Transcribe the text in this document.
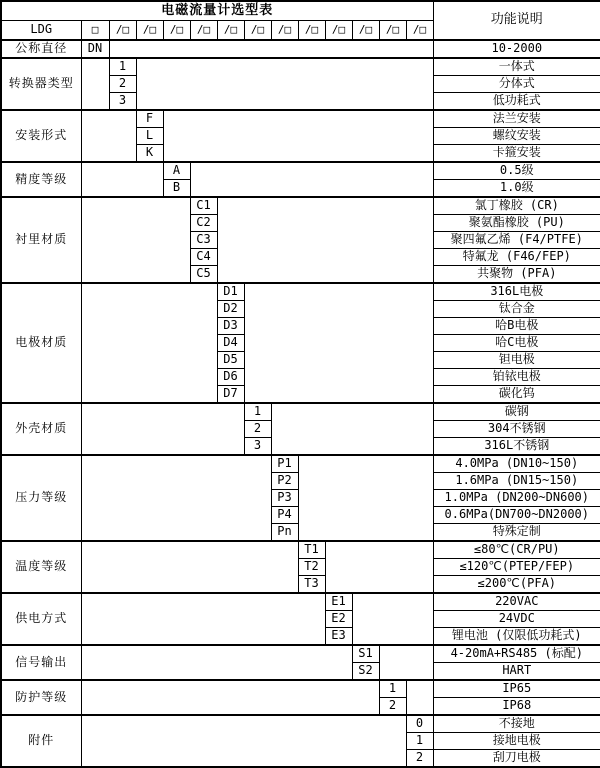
电磁流量计选型表														功能说明
LDG	□	/□	/□	/□	/□	/□	/□	/□	/□	/□	/□	/□	/□	
公称直径	DN													10-2000
转换器类型		1												一体式
		2												分体式
		3												低功耗式
安装形式			F											法兰安装
			L											螺纹安装
			K											卡箍安装
精度等级				A										0.5级
				B										1.0级
衬里材质					C1									氯丁橡胶 (CR)
					C2									聚氨酯橡胶 (PU)
					C3									聚四氟乙烯 (F4/PTFE)
					C4									特氟龙 (F46/FEP)
					C5									共聚物 (PFA)
电极材质						D1								316L电极
						D2								钛合金
						D3								哈B电极
						D4								哈C电极
						D5								钽电极
						D6								铂铱电极
						D7								碳化钨
外壳材质							1							碳钢
							2							304不锈钢
							3							316L不锈钢
压力等级								P1						4.0MPa (DN10~150)
								P2						1.6MPa (DN15~150)
								P3						1.0MPa (DN200~DN600)
								P4						0.6MPa(DN700~DN2000)
								Pn						特殊定制
温度等级									T1					≤80℃(CR/PU)
									T2					≤120℃(PTEP/FEP)
									T3					≤200℃(PFA)
供电方式										E1				220VAC
										E2				24VDC
										E3				锂电池 (仅限低功耗式)
信号输出											S1			4-20mA+RS485 (标配)
											S2			HART
防护等级												1		IP65
												2		IP68
附件													0	不接地
													1	接地电极
													2	刮刀电极
